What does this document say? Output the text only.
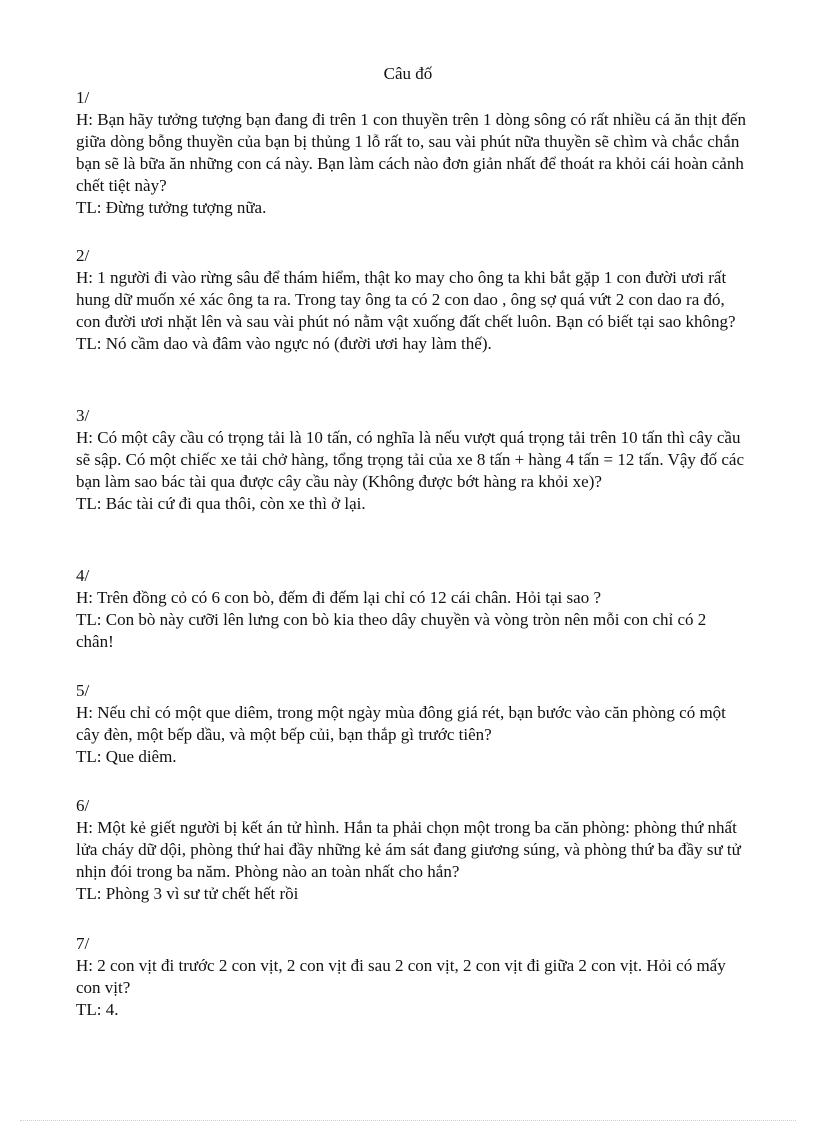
Câu đố
1/

H: Bạn hãy tưởng tượng bạn đang đi trên 1 con thuyền trên 1 dòng sông có rất nhiều cá ăn thịt đến giữa dòng bỗng thuyền của bạn bị thủng 1 lỗ rất to, sau vài phút nữa thuyền sẽ chìm và chắc chắn bạn sẽ là bữa ăn những con cá này. Bạn làm cách nào đơn giản nhất để thoát ra khỏi cái hoàn cảnh chết tiệt này?

TL: Đừng tưởng tượng nữa.

2/

H: 1 người đi vào rừng sâu để thám hiểm, thật ko may cho ông ta khi bắt gặp 1 con đười ươi rất hung dữ muốn xé xác ông ta ra. Trong tay ông ta có 2 con dao , ông sợ quá vứt 2 con dao ra đó, con đười ươi nhặt lên và sau vài phút nó nằm vật xuống đất chết luôn. Bạn có biết tại sao không?

TL: Nó cầm dao và đâm vào ngực nó (đười ươi hay làm thế).

3/

H: Có một cây cầu có trọng tải là 10 tấn, có nghĩa là nếu vượt quá trọng tải trên 10 tấn thì cây cầu sẽ sập. Có một chiếc xe tải chở hàng, tổng trọng tải của xe 8 tấn + hàng 4 tấn = 12 tấn. Vậy đố các bạn làm sao bác tài qua được cây cầu này (Không được bớt hàng ra khỏi xe)?

TL: Bác tài cứ đi qua thôi, còn xe thì ở lại.

4/

H: Trên đồng cỏ có 6 con bò, đếm đi đếm lại chỉ có 12 cái chân. Hỏi tại sao ?

TL: Con bò này cưỡi lên lưng con bò kia theo dây chuyền và vòng tròn nên mỗi con chỉ có 2 chân!

5/

H: Nếu chỉ có một que diêm, trong một ngày mùa đông giá rét, bạn bước vào căn phòng có một cây đèn, một bếp dầu, và một bếp củi, bạn thắp gì trước tiên?

TL: Que diêm.

6/

H: Một kẻ giết người bị kết án tử hình. Hắn ta phải chọn một trong ba căn phòng: phòng thứ nhất lửa cháy dữ dội, phòng thứ hai đầy những kẻ ám sát đang giương súng, và phòng thứ ba đầy sư tử nhịn đói trong ba năm. Phòng nào an toàn nhất cho hắn?

TL: Phòng 3 vì sư tử chết hết rồi

7/

H: 2 con vịt đi trước 2 con vịt, 2 con vịt đi sau 2 con vịt, 2 con vịt đi giữa 2 con vịt. Hỏi có mấy con vịt?

TL: 4.
